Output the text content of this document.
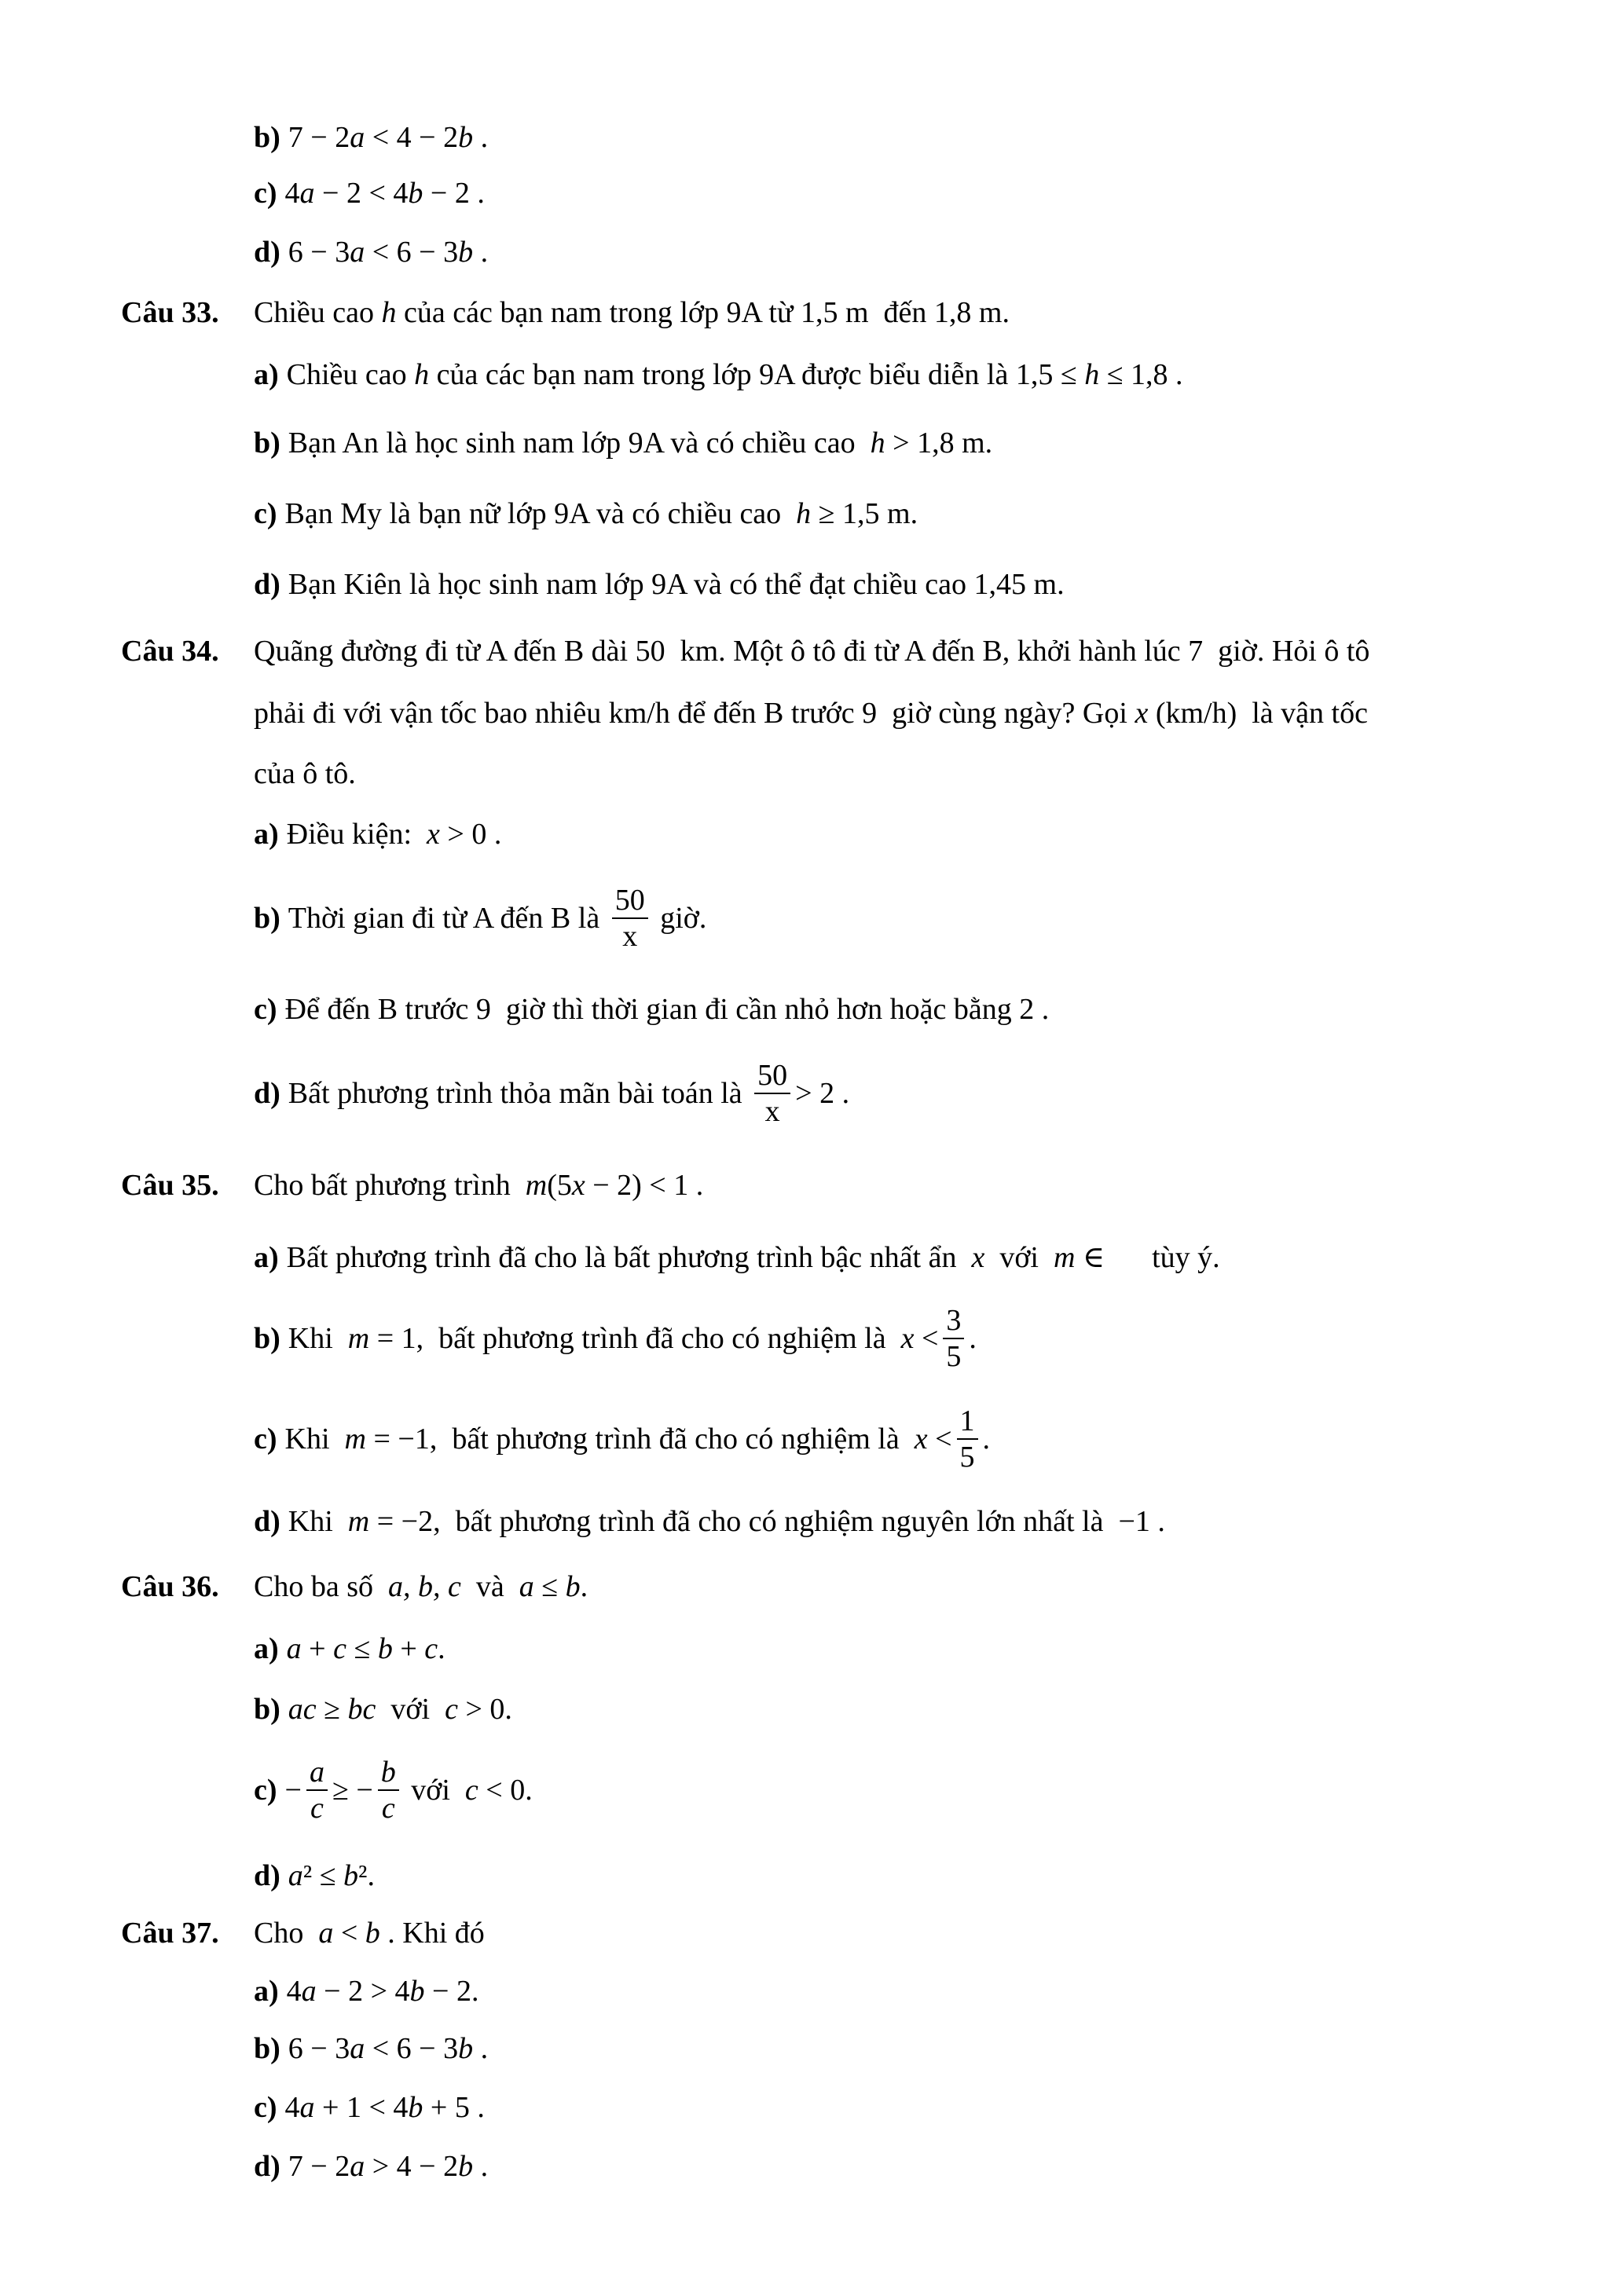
b) 7 − 2 a < 4 − 2 b .
c) 4 a − 2 < 4 b − 2 .
d) 6 − 3 a < 6 − 3 b .
Câu 33.	Chiều cao h của các bạn nam trong lớp 9A từ 1,5 m  đến 1,8 m.
a) Chiều cao h của các bạn nam trong lớp 9A được biểu diễn là 1,5 ≤ h ≤ 1,8 .
b) Bạn An là học sinh nam lớp 9A và có chiều cao h > 1,8 m.
c) Bạn My là bạn nữ lớp 9A và có chiều cao h ≥ 1,5 m.
d) Bạn Kiên là học sinh nam lớp 9A và có thể đạt chiều cao 1,45 m.
Câu 34.	Quãng đường đi từ A đến B dài 50  km. Một ô tô đi từ A đến B, khởi hành lúc 7  giờ. Hỏi ô tô
phải đi với vận tốc bao nhiêu km/h để đến B trước 9  giờ cùng ngày? Gọi x (km/h)  là vận tốc
của ô tô.
a) Điều kiện: x > 0 .
b) Thời gian đi từ A đến B là $\frac{50}{x}$ giờ.
c) Để đến B trước 9  giờ thì thời gian đi cần nhỏ hơn hoặc bằng 2 .
d) Bất phương trình thỏa mãn bài toán là $\frac{50}{x} > 2$ .
Câu 35.	Cho bất phương trình m (5 x − 2) < 1 .
a) Bất phương trình đã cho là bất phương trình bậc nhất ẩn x với m ∈ tùy ý.
b) Khi m = 1,  bất phương trình đã cho có nghiệm là $x < \frac{3}{5}$ .
c) Khi m = −1,  bất phương trình đã cho có nghiệm là $x < \frac{1}{5}$ .
d) Khi m = −2,  bất phương trình đã cho có nghiệm nguyên lớn nhất là  −1 .
Câu 36.	Cho ba số a, b, c và a ≤ b .
a) a + c ≤ b + c .
b) ac ≥ bc với c > 0.
$c) - \frac{a}{c}$ ≥ − $\frac{b}{c}$ với c < 0.
d) a ² ≤ b ².
Câu 37.	Cho a < b . Khi đó
a) 4 a − 2 > 4 b − 2.
b) 6 − 3 a < 6 − 3 b .
c) 4 a + 1 < 4 b + 5 .
d) 7 − 2 a > 4 − 2 b .
